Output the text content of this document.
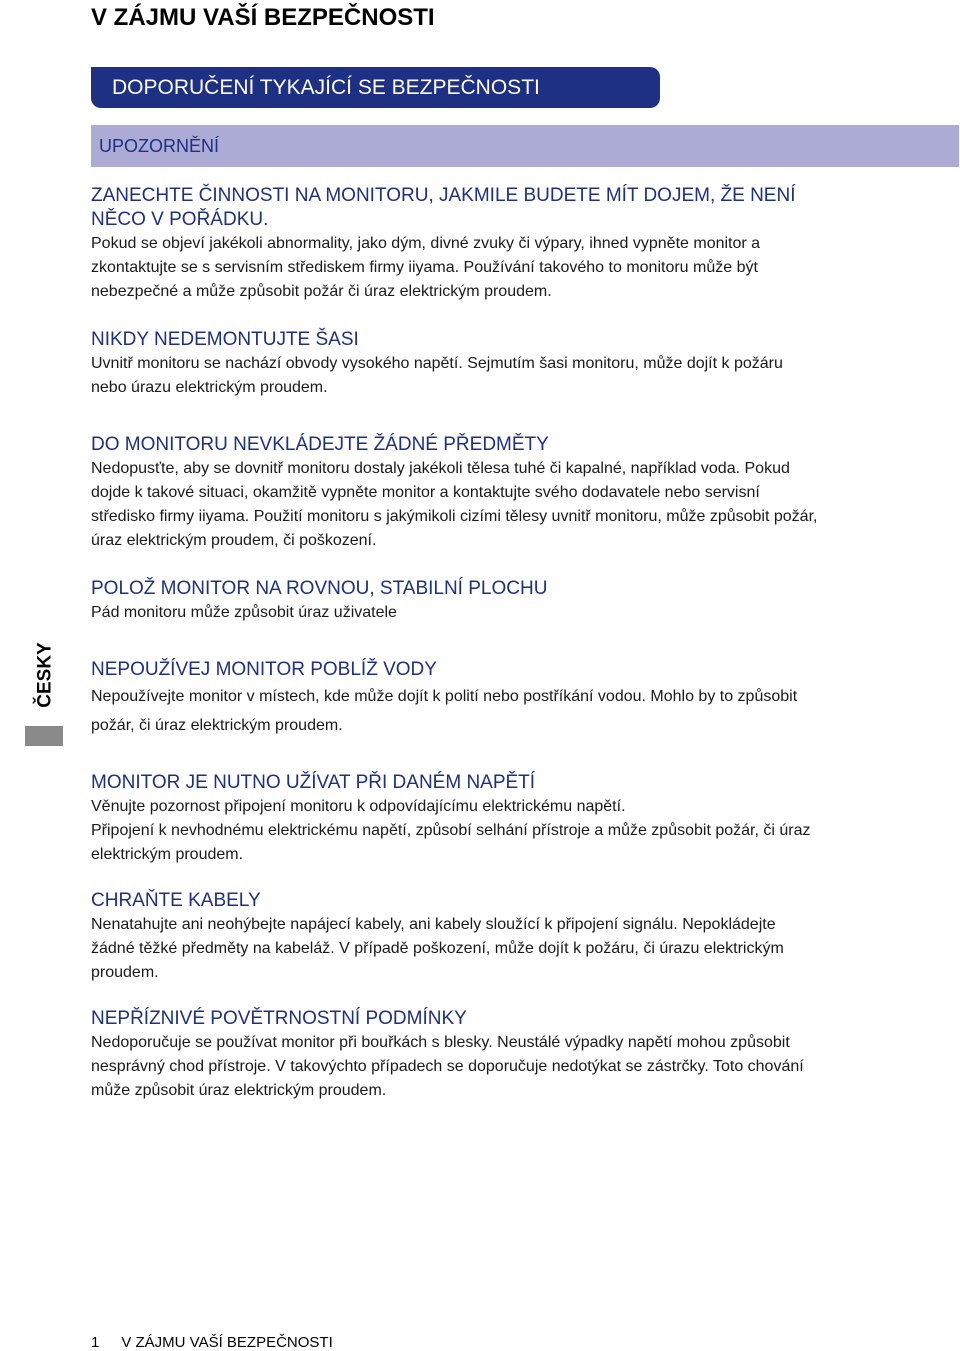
V ZÁJMU VAŠÍ BEZPEČNOSTI
DOPORUČENÍ TYKAJÍCÍ SE BEZPEČNOSTI
UPOZORNĚNÍ
ČESKY
ZANECHTE ČINNOSTI NA MONITORU, JAKMILE BUDETE MÍT DOJEM, ŽE NENÍ
NĚCO V POŘÁDKU.
Pokud se objeví jakékoli abnormality, jako dým, divné zvuky či výpary, ihned vypněte monitor a
zkontaktujte se s servisním střediskem firmy iiyama. Používání takového to monitoru může být
nebezpečné a může způsobit požár či úraz elektrickým proudem.
NIKDY NEDEMONTUJTE ŠASI
Uvnitř monitoru se nachází obvody vysokého napětí. Sejmutím šasi monitoru, může dojít k požáru
nebo úrazu elektrickým proudem.
DO MONITORU NEVKLÁDEJTE ŽÁDNÉ PŘEDMĚTY
Nedopusťte, aby se dovnitř monitoru dostaly jakékoli tělesa tuhé či kapalné, například voda. Pokud
dojde k takové situaci, okamžitě vypněte monitor a kontaktujte svého dodavatele nebo servisní
středisko firmy iiyama. Použití monitoru s jakýmikoli cizími tělesy uvnitř monitoru, může způsobit požár,
úraz elektrickým proudem, či poškození.
POLOŽ MONITOR NA ROVNOU, STABILNÍ PLOCHU
Pád monitoru může způsobit úraz uživatele
NEPOUŽÍVEJ MONITOR POBLÍŽ VODY
Nepoužívejte monitor v místech, kde může dojít k polití nebo postříkání vodou. Mohlo by to způsobit
požár, či úraz elektrickým proudem.
MONITOR JE NUTNO UŽÍVAT PŘI DANÉM NAPĚTÍ
Věnujte pozornost připojení monitoru k odpovídajícímu elektrickému napětí.
Připojení k nevhodnému elektrickému napětí, způsobí selhání přístroje a může způsobit požár, či úraz
elektrickým proudem.
CHRAŇTE KABELY
Nenatahujte ani neohýbejte napájecí kabely, ani kabely sloužící k připojení signálu. Nepokládejte
žádné těžké předměty na kabeláž. V případě poškození, může dojít k požáru, či úrazu elektrickým
proudem.
NEPŘÍZNIVÉ POVĚTRNOSTNÍ PODMÍNKY
Nedoporučuje se používat monitor při bouřkách s blesky. Neustálé výpadky napětí mohou způsobit
nesprávný chod přístroje. V takovýchto případech se doporučuje nedotýkat se zástrčky. Toto chování
může způsobit úraz elektrickým proudem.
1 V ZÁJMU VAŠÍ BEZPEČNOSTI
